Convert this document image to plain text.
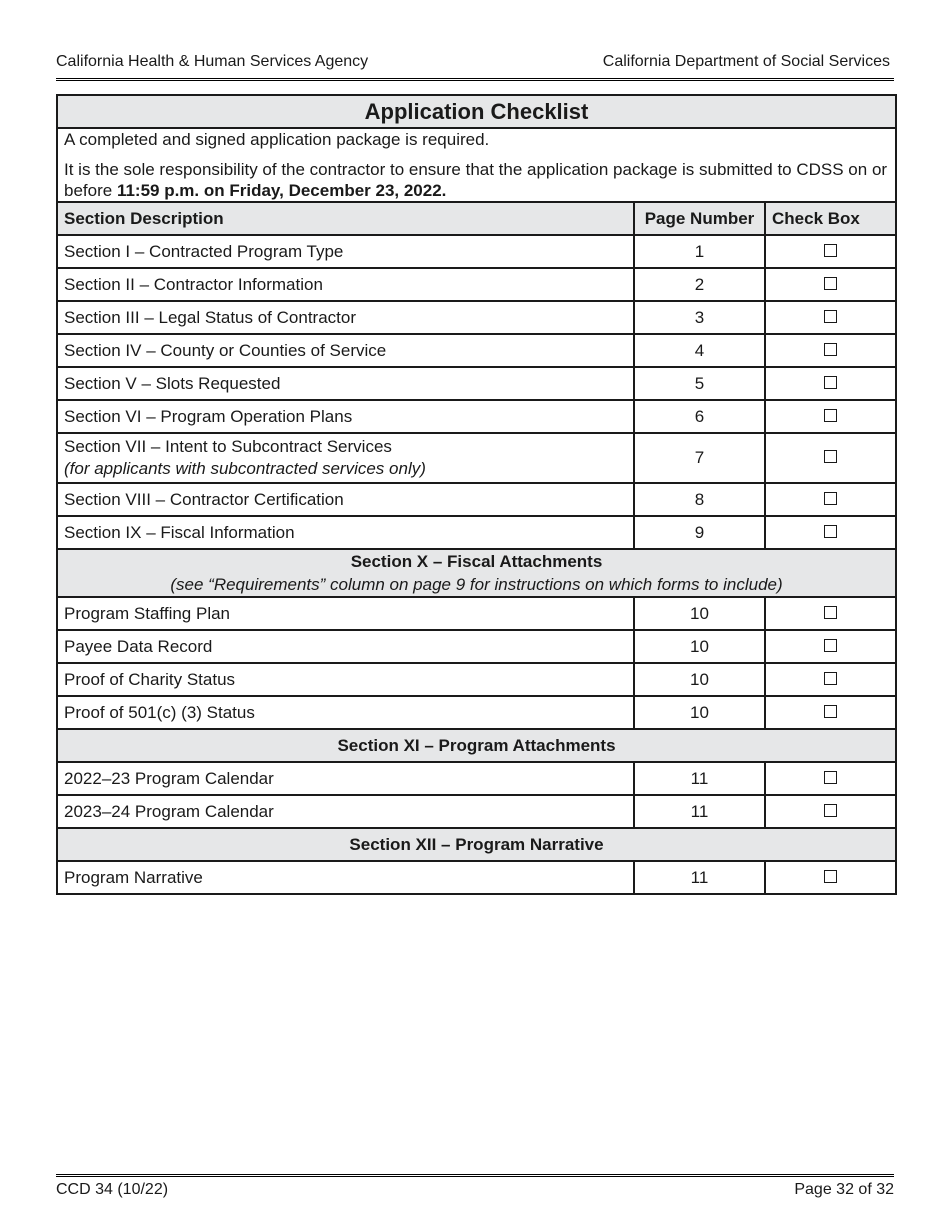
California Health & Human Services Agency	California Department of Social Services
Application Checklist		

A completed and signed application package is required.

It is the sole responsibility of the contractor to ensure that the application package is submitted to CDSS on or before 11:59 p.m. on Friday, December 23, 2022.		

Section Description	Page Number	Check Box
Section I – Contracted Program Type	1	
Section II – Contractor Information	2	
Section III – Legal Status of Contractor	3	
Section IV – County or Counties of Service	4	
Section V – Slots Requested	5	
Section VI – Program Operation Plans	6	

Section VII – Intent to Subcontract Services
(for applicants with subcontracted services only)	7	
Section VIII – Contractor Certification	8	
Section IX – Fiscal Information	9	

Section X – Fiscal Attachments
(see “Requirements” column on page 9 for instructions on which forms to include)		

Program Staffing Plan	10	
Payee Data Record	10	
Proof of Charity Status	10	
Proof of 501(c) (3) Status	10	
Section XI – Program Attachments		
2022–23 Program Calendar	11	
2023–24 Program Calendar	11	
Section XII – Program Narrative		
Program Narrative	11	
CCD 34 (10/22)	Page 32 of 32
